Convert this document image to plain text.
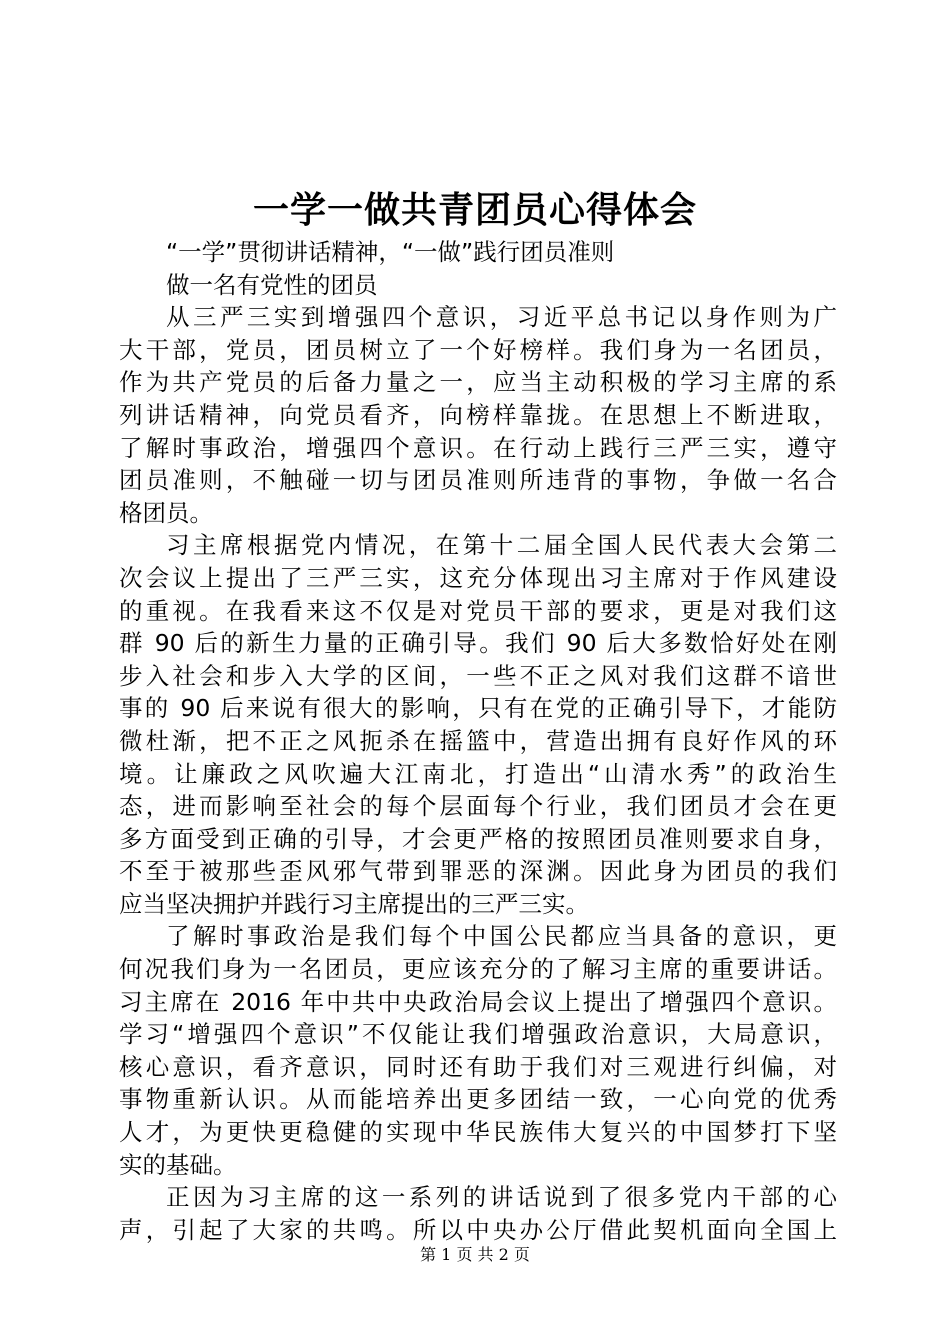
一学一做共青团员心得体会
“一学”贯彻讲话精神，“一做”践行团员准则
做一名有党性的团员
从三严三实到增强四个意识，习近平总书记以身作则为广
大干部，党员，团员树立了一个好榜样。我们身为一名团员，
作为共产党员的后备力量之一，应当主动积极的学习主席的系
列讲话精神，向党员看齐，向榜样靠拢。在思想上不断进取，
了解时事政治，增强四个意识。在行动上践行三严三实，遵守
团员准则，不触碰一切与团员准则所违背的事物，争做一名合
格团员。
习主席根据党内情况，在第十二届全国人民代表大会第二
次会议上提出了三严三实，这充分体现出习主席对于作风建设
的重视。在我看来这不仅是对党员干部的要求，更是对我们这
群 90 后的新生力量的正确引导。我们 90 后大多数恰好处在刚
步入社会和步入大学的区间，一些不正之风对我们这群不谙世
事的 90 后来说有很大的影响，只有在党的正确引导下，才能防
微杜渐，把不正之风扼杀在摇篮中，营造出拥有良好作风的环
境。让廉政之风吹遍大江南北，打造出“山清水秀”的政治生
态，进而影响至社会的每个层面每个行业，我们团员才会在更
多方面受到正确的引导，才会更严格的按照团员准则要求自身，
不至于被那些歪风邪气带到罪恶的深渊。因此身为团员的我们
应当坚决拥护并践行习主席提出的三严三实。
了解时事政治是我们每个中国公民都应当具备的意识，更
何况我们身为一名团员，更应该充分的了解习主席的重要讲话。
习主席在 2016 年中共中央政治局会议上提出了增强四个意识。
学习“增强四个意识”不仅能让我们增强政治意识，大局意识，
核心意识，看齐意识，同时还有助于我们对三观进行纠偏，对
事物重新认识。从而能培养出更多团结一致，一心向党的优秀
人才，为更快更稳健的实现中华民族伟大复兴的中国梦打下坚
实的基础。
正因为习主席的这一系列的讲话说到了很多党内干部的心
声，引起了大家的共鸣。所以中央办公厅借此契机面向全国上
第 1 页 共 2 页
